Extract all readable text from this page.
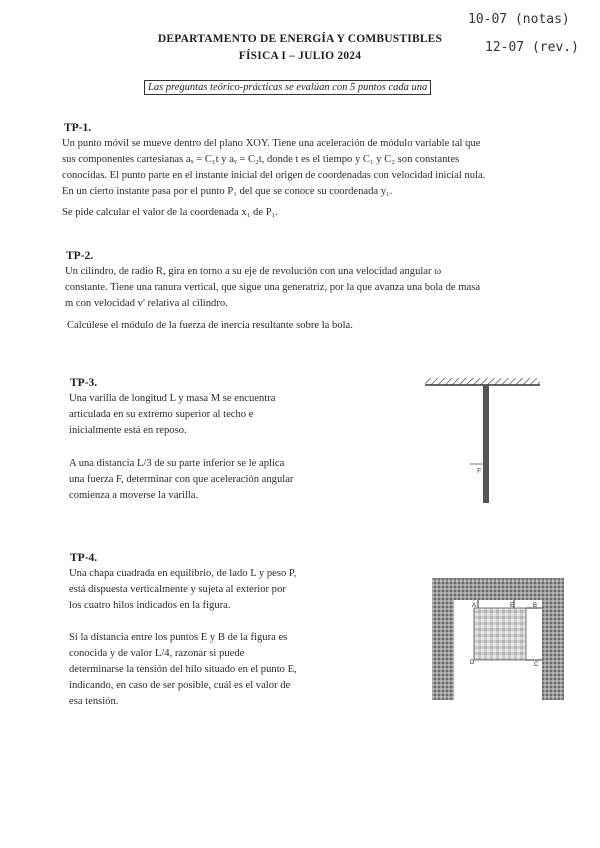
DEPARTAMENTO DE ENERGÍA Y COMBUSTIBLES
FÍSICA I – JULIO 2024
10-07 (notas)
12-07 (rev.)
Las preguntas teórico-prácticas se evalúan con 5 puntos cada una
TP-1.
Un punto móvil se mueve dentro del plano XOY. Tiene una aceleración de módulo variable tal que
sus componentes cartesianas aₓ = C₁t y aᵧ = C₂t, donde t es el tiempo y C₁ y C₂ son constantes
conocidas. El punto parte en el instante inicial del origen de coordenadas con velocidad inicial nula.
En un cierto instante pasa por el punto P₁ del que se conoce su coordenada y₁.
Se pide calcular el valor de la coordenada x₁ de P₁.
TP-2.
Un cilindro, de radio R, gira en torno a su eje de revolución con una velocidad angular ω
constante. Tiene una ranura vertical, que sigue una generatriz, por la que avanza una bola de masa
m con velocidad v' relativa al cilindro.
Calcúlese el módulo de la fuerza de inercia resultante sobre la bola.
TP-3.
Una varilla de longitud L y masa M se encuentra
articulada en su extremo superior al techo e
inicialmente está en reposo.
A una distancia L/3 de su parte inferior se le aplica
una fuerza F, determinar con que aceleración angular
comienza a moverse la varilla.
F
TP-4.
Una chapa cuadrada en equilibrio, de lado L y peso P,
está dispuesta verticalmente y sujeta al exterior por
los cuatro hilos indicados en la figura.
Si la distancia entre los puntos E y B de la figura es
conocida y de valor L/4, razonar si puede
determinarse la tensión del hilo situado en el punto E,
indicando, en caso de ser posible, cuál es el valor de
esa tensión.
A	E	B
D	C
